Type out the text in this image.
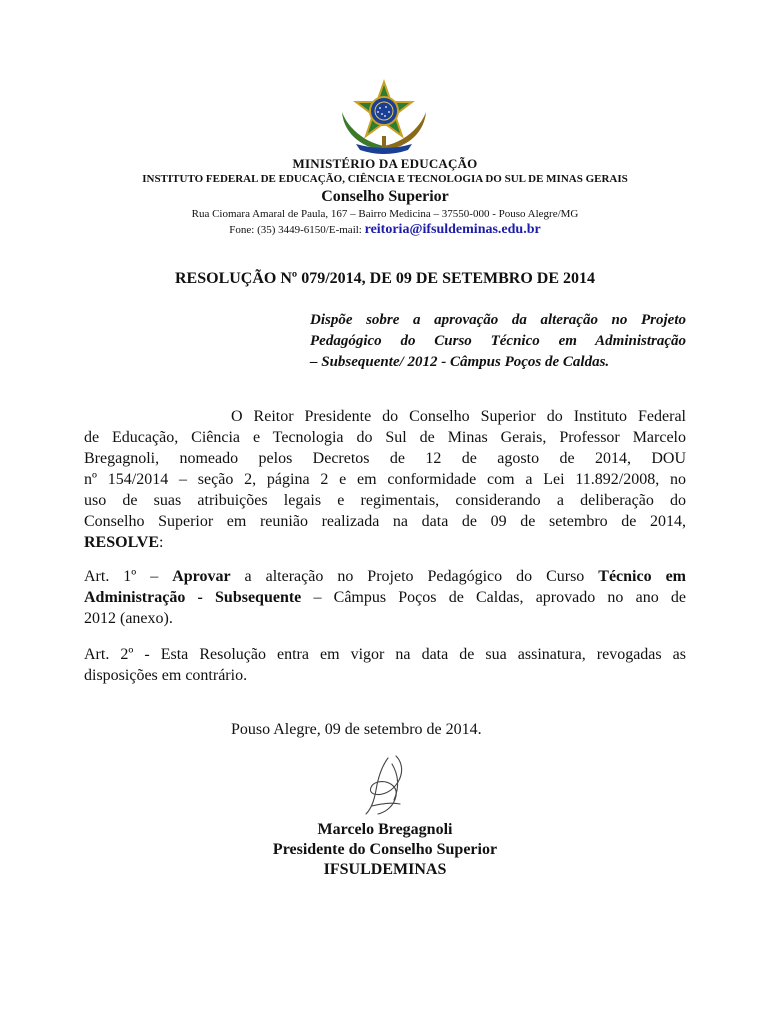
MINISTÉRIO DA EDUCAÇÃO
INSTITUTO FEDERAL DE EDUCAÇÃO, CIÊNCIA E TECNOLOGIA DO SUL DE MINAS GERAIS
Conselho Superior
Rua Ciomara Amaral de Paula, 167 – Bairro Medicina – 37550-000 - Pouso Alegre/MG
Fone: (35) 3449-6150/E-mail: reitoria@ifsuldeminas.edu.br
RESOLUÇÃO Nº 079/2014, DE 09 DE SETEMBRO DE 2014
Dispõe sobre a aprovação da alteração no Projeto
Pedagógico do Curso Técnico em Administração
– Subsequente/ 2012 - Câmpus Poços de Caldas.
O Reitor Presidente do Conselho Superior do Instituto Federal
de Educação, Ciência e Tecnologia do Sul de Minas Gerais, Professor Marcelo
Bregagnoli, nomeado pelos Decretos de 12 de agosto de 2014, DOU
nº 154/2014 – seção 2, página 2 e em conformidade com a Lei 11.892/2008, no
uso de suas atribuições legais e regimentais, considerando a deliberação do
Conselho Superior em reunião realizada na data de 09 de setembro de 2014,
RESOLVE:
Art. 1º – Aprovar a alteração no Projeto Pedagógico do Curso Técnico em
Administração - Subsequente – Câmpus Poços de Caldas, aprovado no ano de
2012 (anexo).
Art. 2º - Esta Resolução entra em vigor na data de sua assinatura, revogadas as
disposições em contrário.
Pouso Alegre, 09 de setembro de 2014.
Marcelo Bregagnoli
Presidente do Conselho Superior
IFSULDEMINAS
